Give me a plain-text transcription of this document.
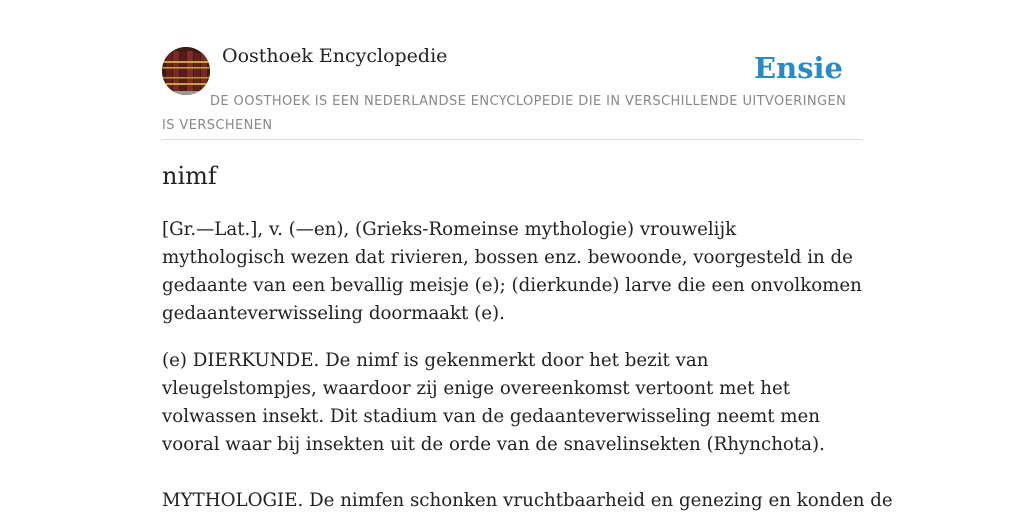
Oosthoek Encyclopedie	Ensie
DE OOSTHOEK IS EEN NEDERLANDSE ENCYCLOPEDIE DIE IN VERSCHILLENDE UITVOERINGEN IS VERSCHENEN
nimf

[Gr.—Lat.], v. (—en), (Grieks-Romeinse mythologie) vrouwelijk mythologisch wezen dat rivieren, bossen enz. bewoonde, voorgesteld in de gedaante van een bevallig meisje (e); (dierkunde) larve die een onvolkomen gedaanteverwisseling doormaakt (e).

(e) DIERKUNDE. De nimf is gekenmerkt door het bezit van vleugelstompjes, waardoor zij enige overeenkomst vertoont met het volwassen insekt. Dit stadium van de gedaanteverwisseling neemt men vooral waar bij insekten uit de orde van de snavelinsekten (Rhynchota).

MYTHOLOGIE. De nimfen schonken vruchtbaarheid en genezing en konden de
